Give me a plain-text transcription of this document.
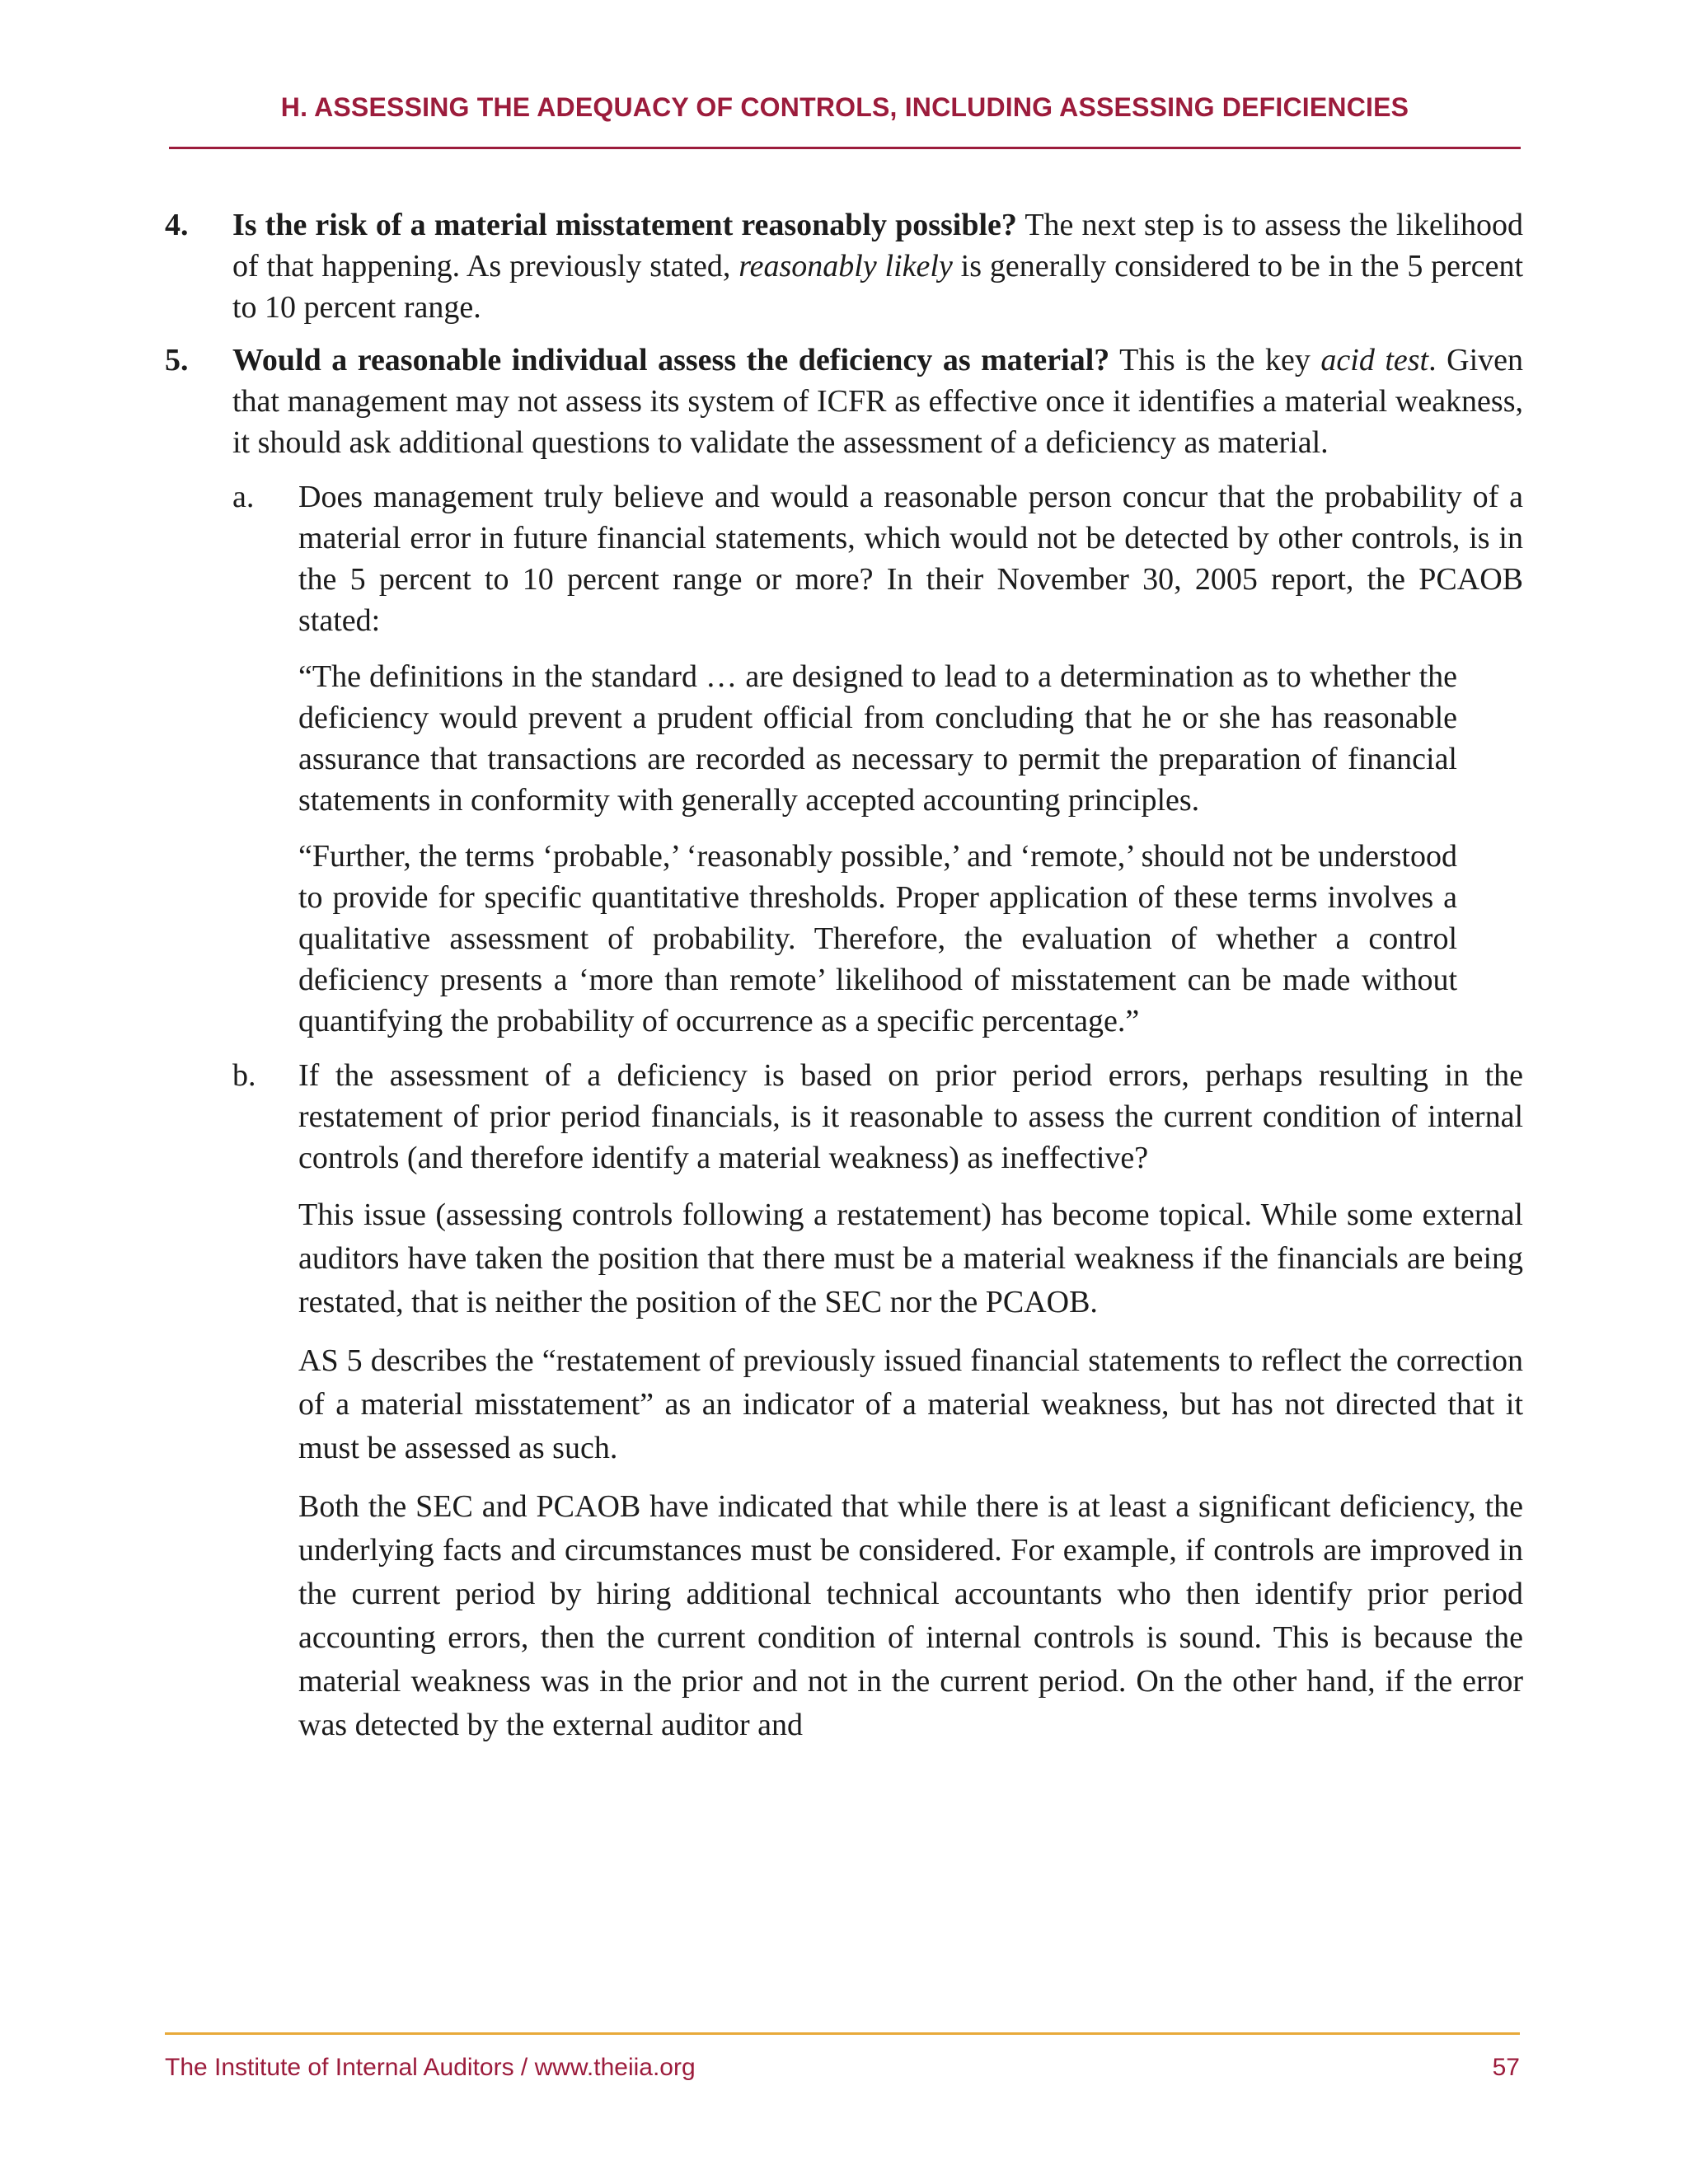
H. ASSESSING THE ADEQUACY OF CONTROLS, INCLUDING ASSESSING DEFICIENCIES
4. Is the risk of a material misstatement reasonably possible? The next step is to assess the likelihood of that happening. As previously stated, reasonably likely is generally considered to be in the 5 percent to 10 percent range.
5. Would a reasonable individual assess the deficiency as material? This is the key acid test. Given that management may not assess its system of ICFR as effective once it identifies a material weakness, it should ask additional questions to validate the assessment of a deficiency as material.
a. Does management truly believe and would a reasonable person concur that the probability of a material error in future financial statements, which would not be detected by other controls, is in the 5 percent to 10 percent range or more? In their November 30, 2005 report, the PCAOB stated:
“The definitions in the standard … are designed to lead to a determination as to whether the deficiency would prevent a prudent official from concluding that he or she has reasonable assurance that transactions are recorded as necessary to permit the preparation of financial statements in conformity with generally accepted accounting principles.
“Further, the terms ‘probable,’ ‘reasonably possible,’ and ‘remote,’ should not be understood to provide for specific quantitative thresholds. Proper application of these terms involves a qualitative assessment of probability. Therefore, the evaluation of whether a control deficiency presents a ‘more than remote’ likelihood of misstatement can be made without quantifying the probability of occurrence as a specific percentage.”
b. If the assessment of a deficiency is based on prior period errors, perhaps resulting in the restatement of prior period financials, is it reasonable to assess the current condition of internal controls (and therefore identify a material weakness) as ineffective?
This issue (assessing controls following a restatement) has become topical. While some external auditors have taken the position that there must be a material weakness if the financials are being restated, that is neither the position of the SEC nor the PCAOB.
AS 5 describes the “restatement of previously issued financial statements to reflect the correction of a material misstatement” as an indicator of a material weakness, but has not directed that it must be assessed as such.
Both the SEC and PCAOB have indicated that while there is at least a significant deficiency, the underlying facts and circumstances must be considered. For example, if controls are improved in the current period by hiring additional technical accountants who then identify prior period accounting errors, then the current condition of internal controls is sound. This is because the material weakness was in the prior and not in the current period. On the other hand, if the error was detected by the external auditor and
The Institute of Internal Auditors / www.theiia.org	57
